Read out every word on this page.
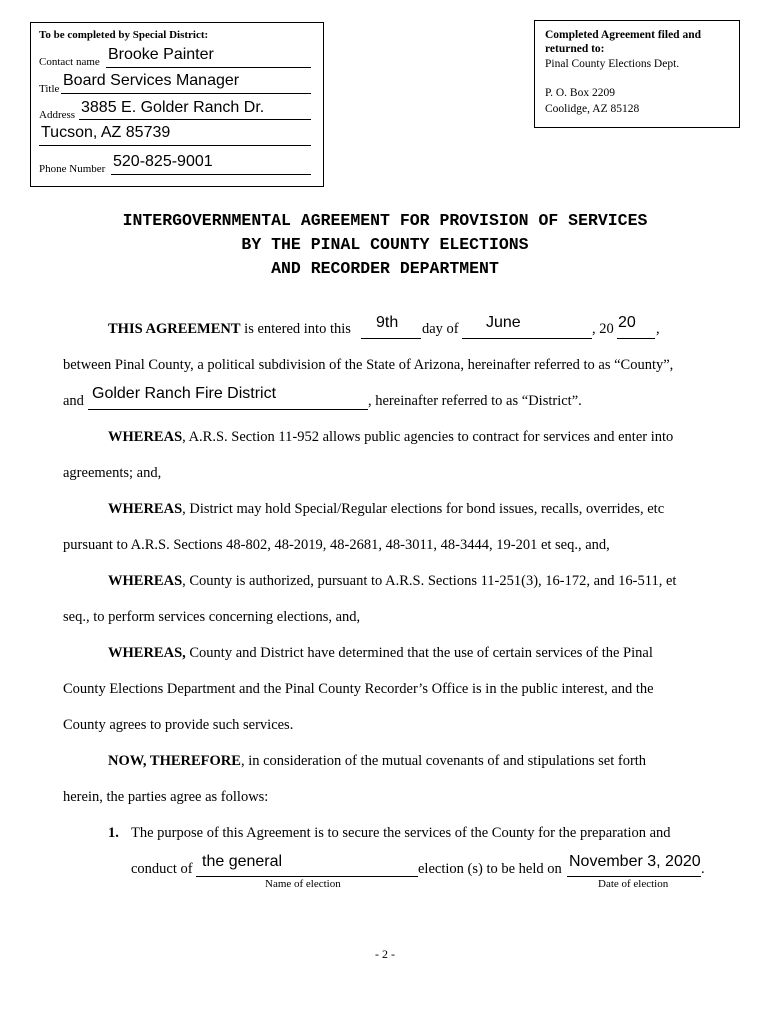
To be completed by Special District:
Contact name Brooke Painter
Title Board Services Manager
Address 3885 E. Golder Ranch Dr.
Tucson, AZ 85739
Phone Number 520-825-9001
Completed Agreement filed and
returned to:
Pinal County Elections Dept.
P. O. Box 2209
Coolidge, AZ 85128
INTERGOVERNMENTAL AGREEMENT FOR PROVISION OF SERVICES
BY THE PINAL COUNTY ELECTIONS
AND RECORDER DEPARTMENT
THIS AGREEMENT is entered into this 9th day of June	, 20 20 ,
between Pinal County, a political subdivision of the State of Arizona, hereinafter referred to as “County”,
and Golder Ranch Fire District	, hereinafter referred to as “District”.
WHEREAS, A.R.S. Section 11-952 allows public agencies to contract for services and enter into
agreements; and,
WHEREAS, District may hold Special/Regular elections for bond issues, recalls, overrides, etc
pursuant to A.R.S. Sections 48-802, 48-2019, 48-2681, 48-3011, 48-3444, 19-201 et seq., and,
WHEREAS, County is authorized, pursuant to A.R.S. Sections 11-251(3), 16-172, and 16-511, et
seq., to perform services concerning elections, and,
WHEREAS, County and District have determined that the use of certain services of the Pinal
County Elections Department and the Pinal County Recorder’s Office is in the public interest, and the
County agrees to provide such services.
NOW, THEREFORE, in consideration of the mutual covenants of and stipulations set forth
herein, the parties agree as follows:
1. The purpose of this Agreement is to secure the services of the County for the preparation and
conduct of the general	election (s) to be held on November 3, 2020 .
Name of election	Date of election
- 2 -
